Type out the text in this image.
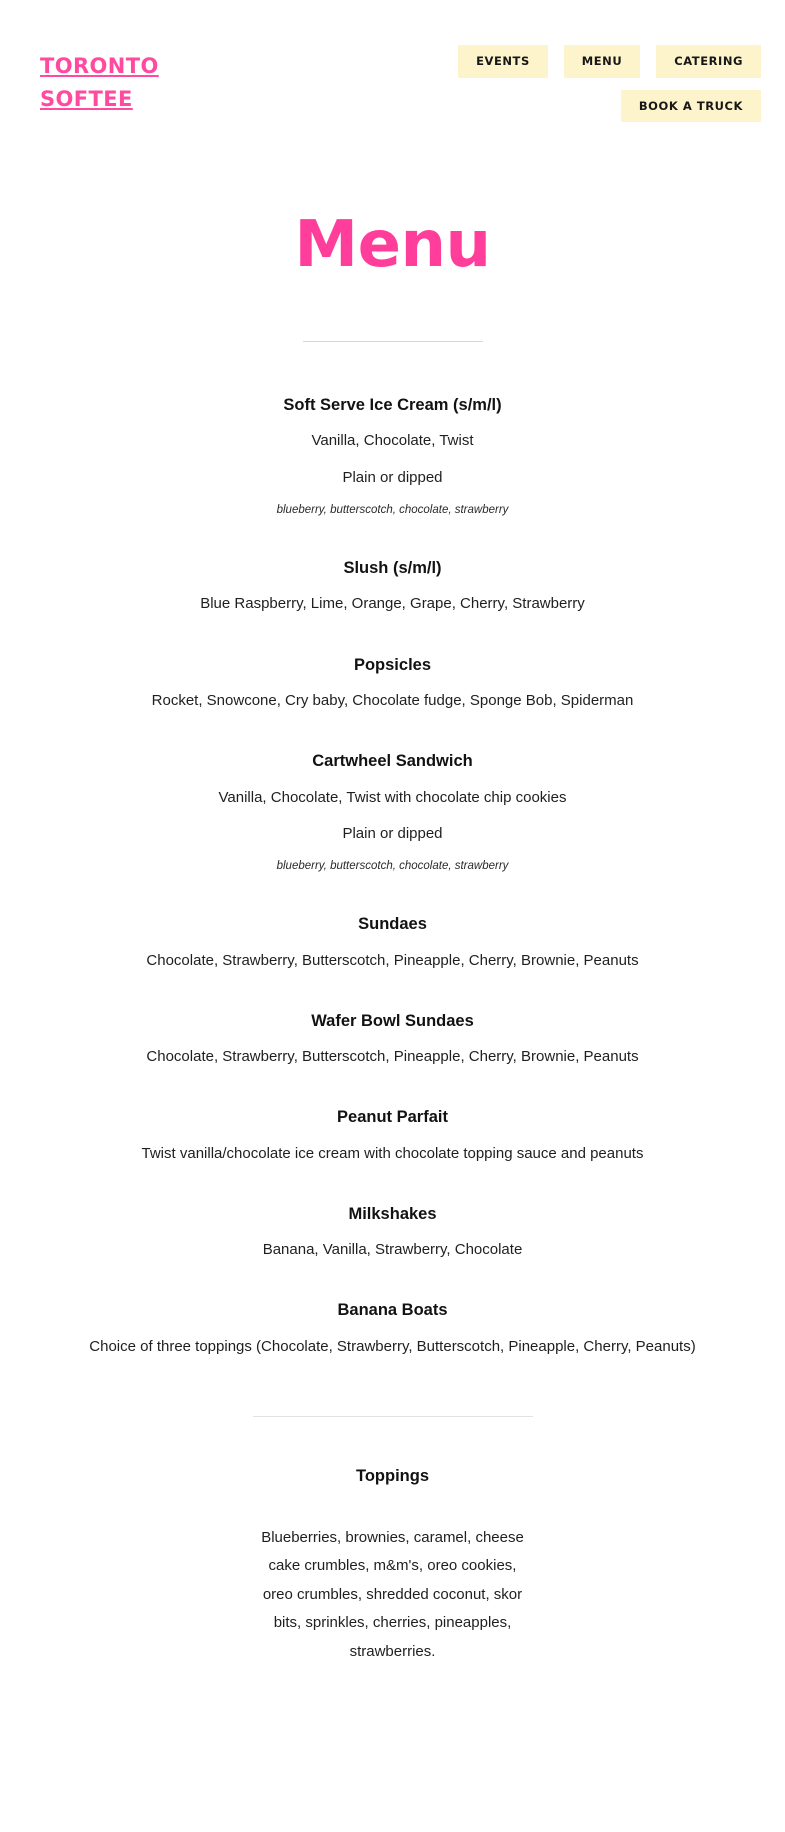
TORONTO
SOFTEE
EVENTS	MENU	CATERING
BOOK A TRUCK
Menu
Soft Serve Ice Cream (s/m/l)

Vanilla, Chocolate, Twist

Plain or dipped

blueberry, butterscotch, chocolate, strawberry

Slush (s/m/l)

Blue Raspberry, Lime, Orange, Grape, Cherry, Strawberry

Popsicles

Rocket, Snowcone, Cry baby, Chocolate fudge, Sponge Bob, Spiderman

Cartwheel Sandwich

Vanilla, Chocolate, Twist with chocolate chip cookies

Plain or dipped

blueberry, butterscotch, chocolate, strawberry

Sundaes

Chocolate, Strawberry, Butterscotch, Pineapple, Cherry, Brownie, Peanuts

Wafer Bowl Sundaes

Chocolate, Strawberry, Butterscotch, Pineapple, Cherry, Brownie, Peanuts

Peanut Parfait

Twist vanilla/chocolate ice cream with chocolate topping sauce and peanuts

Milkshakes

Banana, Vanilla, Strawberry, Chocolate

Banana Boats

Choice of three toppings (Chocolate, Strawberry, Butterscotch, Pineapple, Cherry, Peanuts)

Toppings

Blueberries, brownies, caramel, cheese cake crumbles, m&m's, oreo cookies, oreo crumbles, shredded coconut, skor bits, sprinkles, cherries, pineapples, strawberries.
